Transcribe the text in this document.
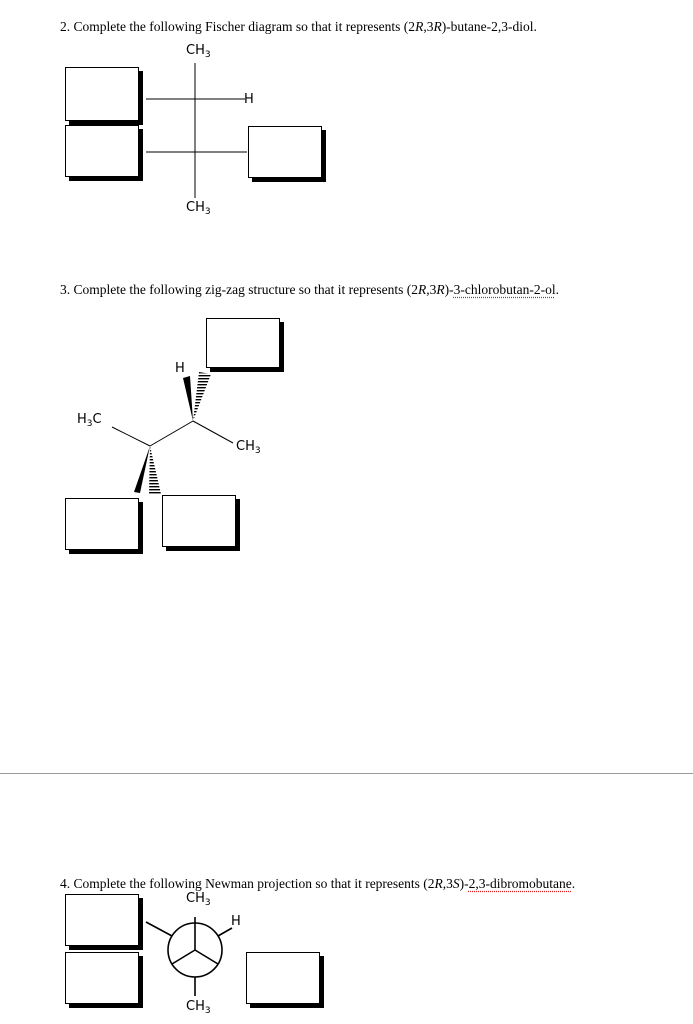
2. Complete the following Fischer diagram so that it represents (2R,3R)-butane-2,3-diol.

$CH_3$
H
$CH_3$

3. Complete the following zig-zag structure so that it represents (2R,3R)-3-chlorobutan-2-ol.

H
$H_3C$
$CH_3$

4. Complete the following Newman projection so that it represents (2R,3S)-2,3-dibromobutane.

$CH_3$
H
$CH_3$
